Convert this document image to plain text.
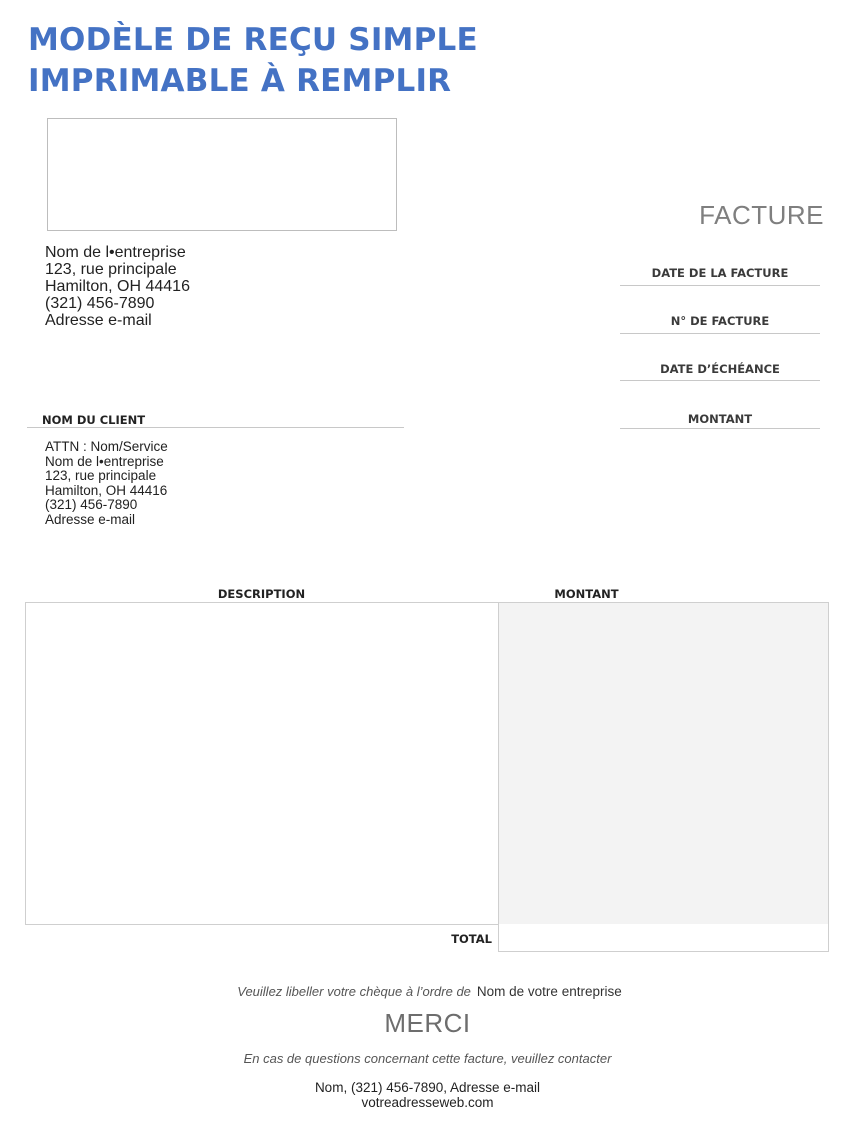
MODÈLE DE REÇU SIMPLE
IMPRIMABLE À REMPLIR
FACTURE
Nom de l•entreprise
123, rue principale
Hamilton, OH 44416
(321) 456-7890
Adresse e-mail
DATE DE LA FACTURE
N° DE FACTURE
DATE D’ÉCHÉANCE
MONTANT
NOM DU CLIENT
ATTN : Nom/Service
Nom de l•entreprise
123, rue principale
Hamilton, OH 44416
(321) 456-7890
Adresse e-mail
DESCRIPTION	MONTANT
TOTAL
Veuillez libeller votre chèque à l’ordre de Nom de votre entreprise
MERCI
En cas de questions concernant cette facture, veuillez contacter
Nom, (321) 456-7890, Adresse e-mail
votreadresseweb.com
